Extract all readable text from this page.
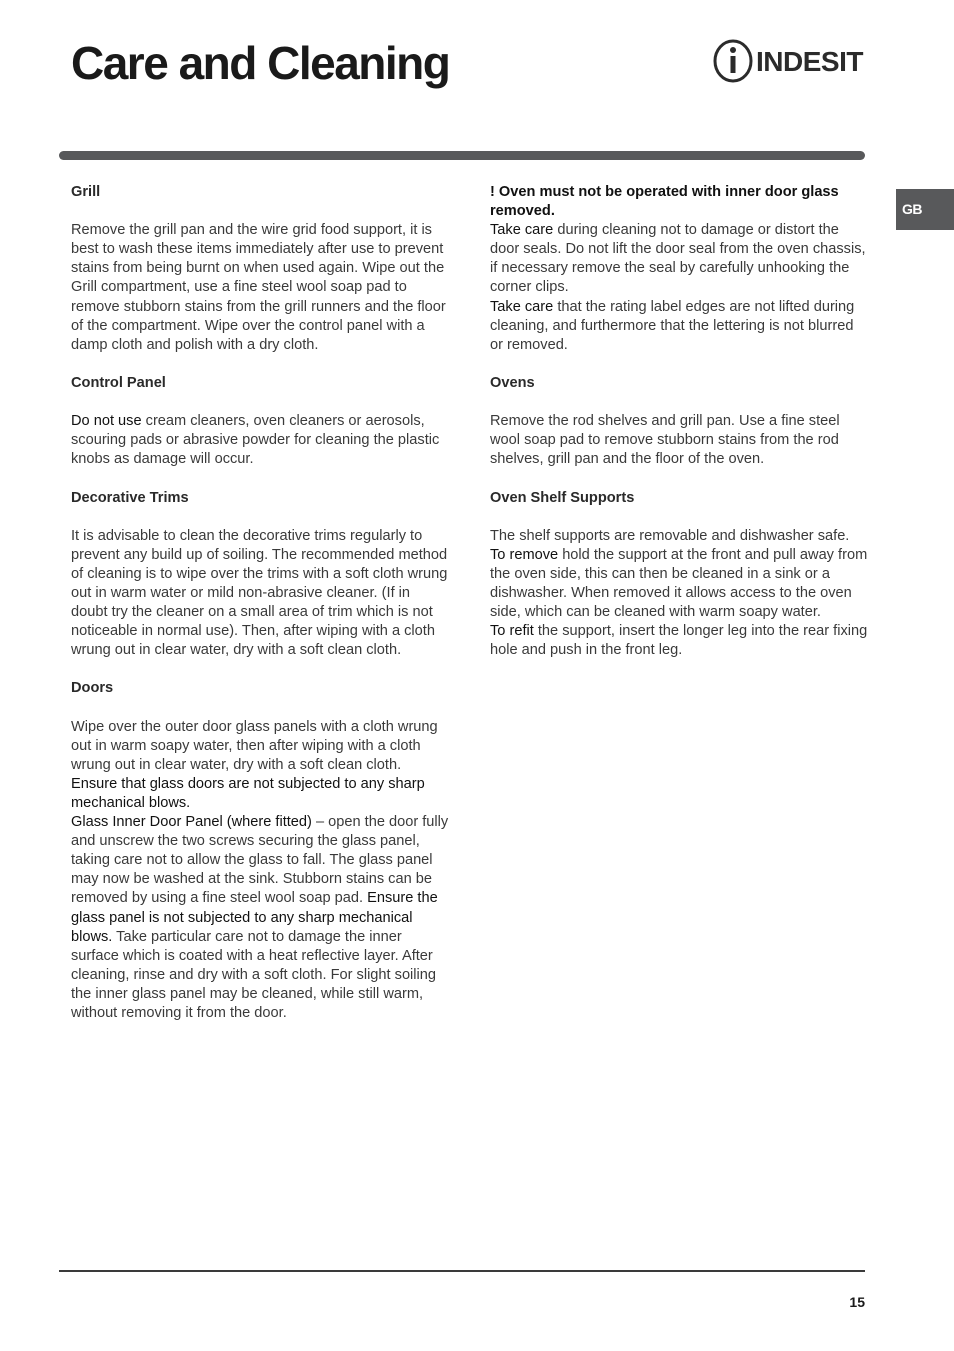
Care and Cleaning	INDESIT
GB

Grill

Remove the grill pan and the wire grid food support, it is best to wash these items immediately after use to prevent stains from being burnt on when used again. Wipe out the Grill compartment, use a fine steel wool soap pad to remove stubborn stains from the grill runners and the floor of the compartment. Wipe over the control panel with a damp cloth and polish with a dry cloth.

Control Panel

Do not use cream cleaners, oven cleaners or aerosols, scouring pads or abrasive powder for cleaning the plastic knobs as damage will occur.

Decorative Trims

It is advisable to clean the decorative trims regularly to prevent any build up of soiling. The recommended method of cleaning is to wipe over the trims with a soft cloth wrung out in warm water or mild non-abrasive cleaner. (If in doubt try the cleaner on a small area of trim which is not noticeable in normal use). Then, after wiping with a cloth wrung out in clear water, dry with a soft clean cloth.

Doors

Wipe over the outer door glass panels with a cloth wrung out in warm soapy water, then after wiping with a cloth wrung out in clear water, dry with a soft clean cloth. Ensure that glass doors are not subjected to any sharp mechanical blows.
Glass Inner Door Panel (where fitted) – open the door fully and unscrew the two screws securing the glass panel, taking care not to allow the glass to fall. The glass panel may now be washed at the sink. Stubborn stains can be removed by using a fine steel wool soap pad. Ensure the glass panel is not subjected to any sharp mechanical blows. Take particular care not to damage the inner surface which is coated with a heat reflective layer. After cleaning, rinse and dry with a soft cloth. For slight soiling the inner glass panel may be cleaned, while still warm, without removing it from the door.

! Oven must not be operated with inner door glass removed.

Take care during cleaning not to damage or distort the door seals. Do not lift the door seal from the oven chassis, if necessary remove the seal by carefully unhooking the corner clips.

Take care that the rating label edges are not lifted during cleaning, and furthermore that the lettering is not blurred or removed.

Ovens

Remove the rod shelves and grill pan. Use a fine steel wool soap pad to remove stubborn stains from the rod shelves, grill pan and the floor of the oven.

Oven Shelf Supports

The shelf supports are removable and dishwasher safe.

To remove hold the support at the front and pull away from the oven side, this can then be cleaned in a sink or a dishwasher. When removed it allows access to the oven side, which can be cleaned with warm soapy water.

To refit the support, insert the longer leg into the rear fixing hole and push in the front leg.

15
